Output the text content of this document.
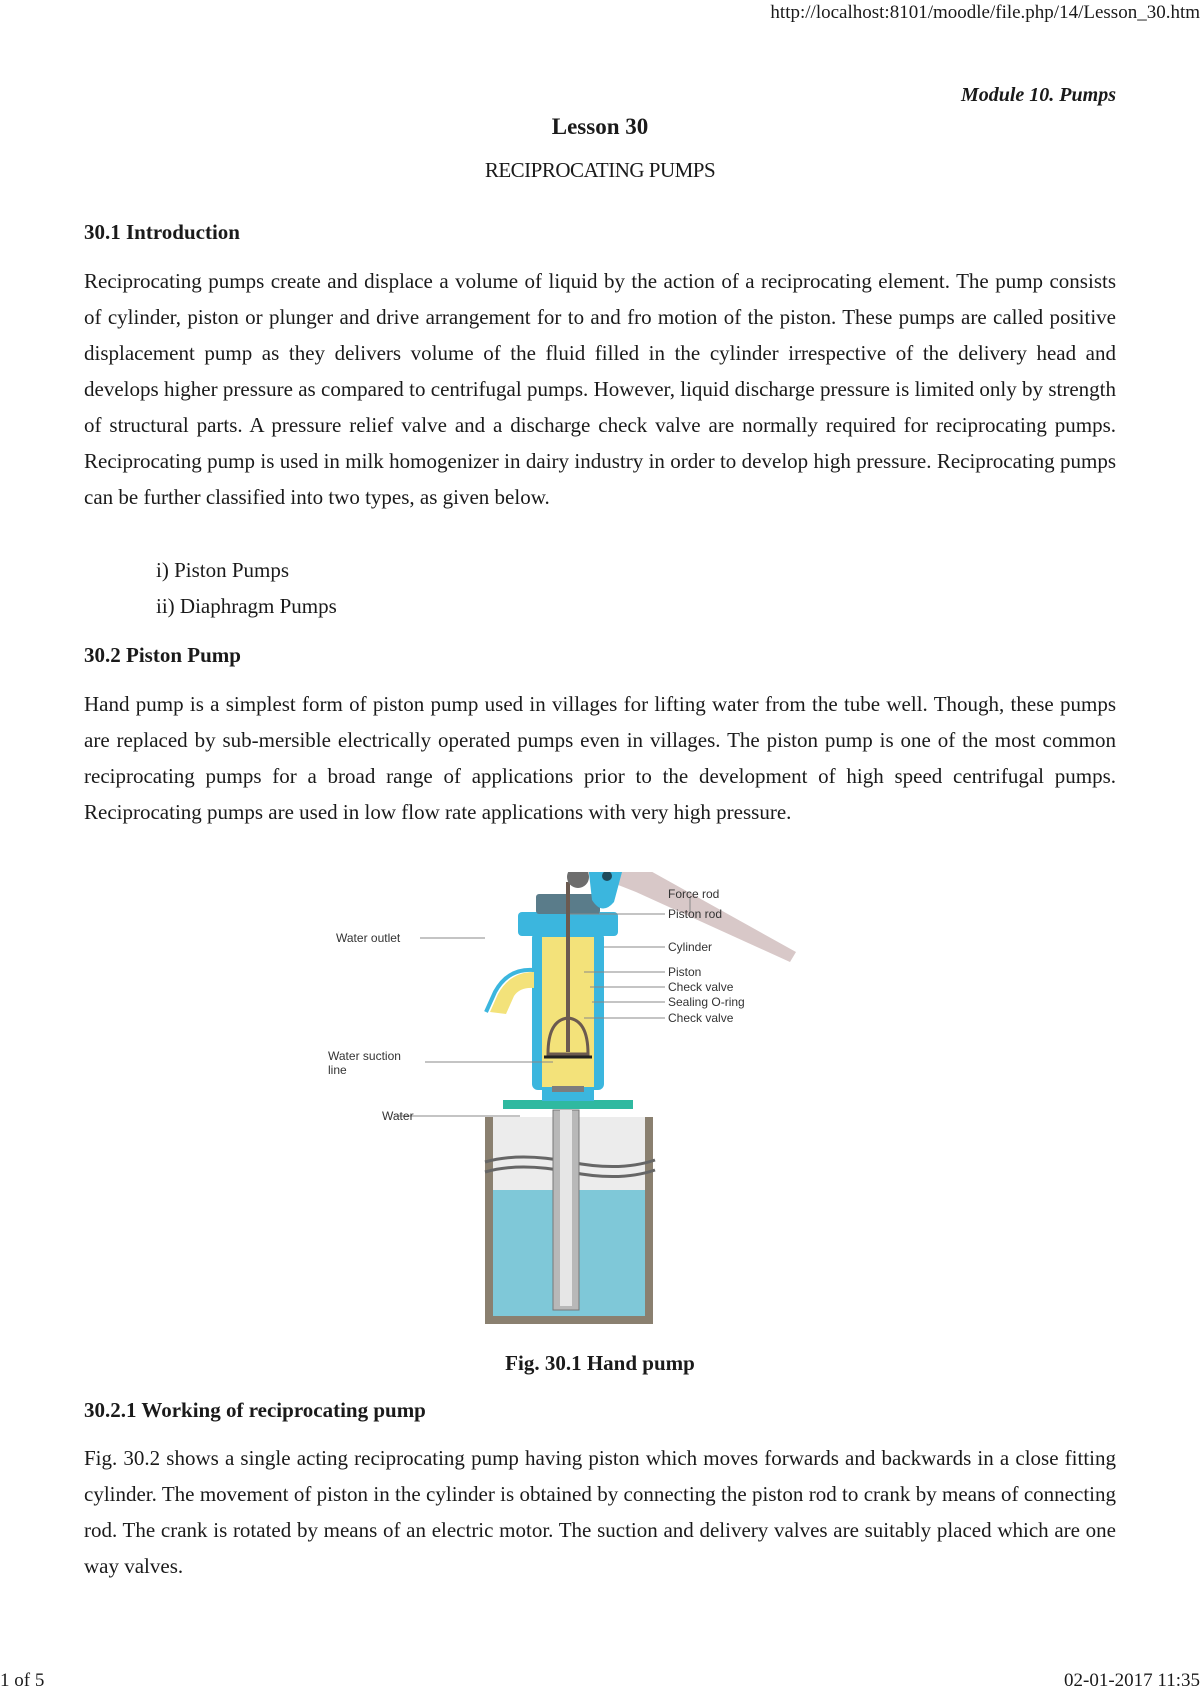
http://localhost:8101/moodle/file.php/14/Lesson_30.htm
Module 10. Pumps
Lesson 30
RECIPROCATING PUMPS
30.1 Introduction

Reciprocating pumps create and displace a volume of liquid by the action of a reciprocating element. The pump consists of cylinder, piston or plunger and drive arrangement for to and fro motion of the piston. These pumps are called positive displacement pump as they delivers volume of the fluid filled in the cylinder irrespective of the delivery head and develops higher pressure as compared to centrifugal pumps. However, liquid discharge pressure is limited only by strength of structural parts. A pressure relief valve and a discharge check valve are normally required for reciprocating pumps. Reciprocating pump is used in milk homogenizer in dairy industry in order to develop high pressure. Reciprocating pumps can be further classified into two types, as given below.

i) Piston Pumps
ii) Diaphragm Pumps
30.2 Piston Pump

Hand pump is a simplest form of piston pump used in villages for lifting water from the tube well. Though, these pumps are replaced by sub-mersible electrically operated pumps even in villages. The piston pump is one of the most common reciprocating pumps for a broad range of applications prior to the development of high speed centrifugal pumps. Reciprocating pumps are used in low flow rate applications with very high pressure.

Force rod
Piston rod
Cylinder
Piston
Check valve
Sealing O-ring
Check valve
Water outlet
Water suction
line
Water
Fig. 30.1 Hand pump
30.2.1 Working of reciprocating pump

Fig. 30.2 shows a single acting reciprocating pump having piston which moves forwards and backwards in a close fitting cylinder. The movement of piston in the cylinder is obtained by connecting the piston rod to crank by means of connecting rod. The crank is rotated by means of an electric motor. The suction and delivery valves are suitably placed which are one way valves.

1 of 5	02-01-2017 11:35
